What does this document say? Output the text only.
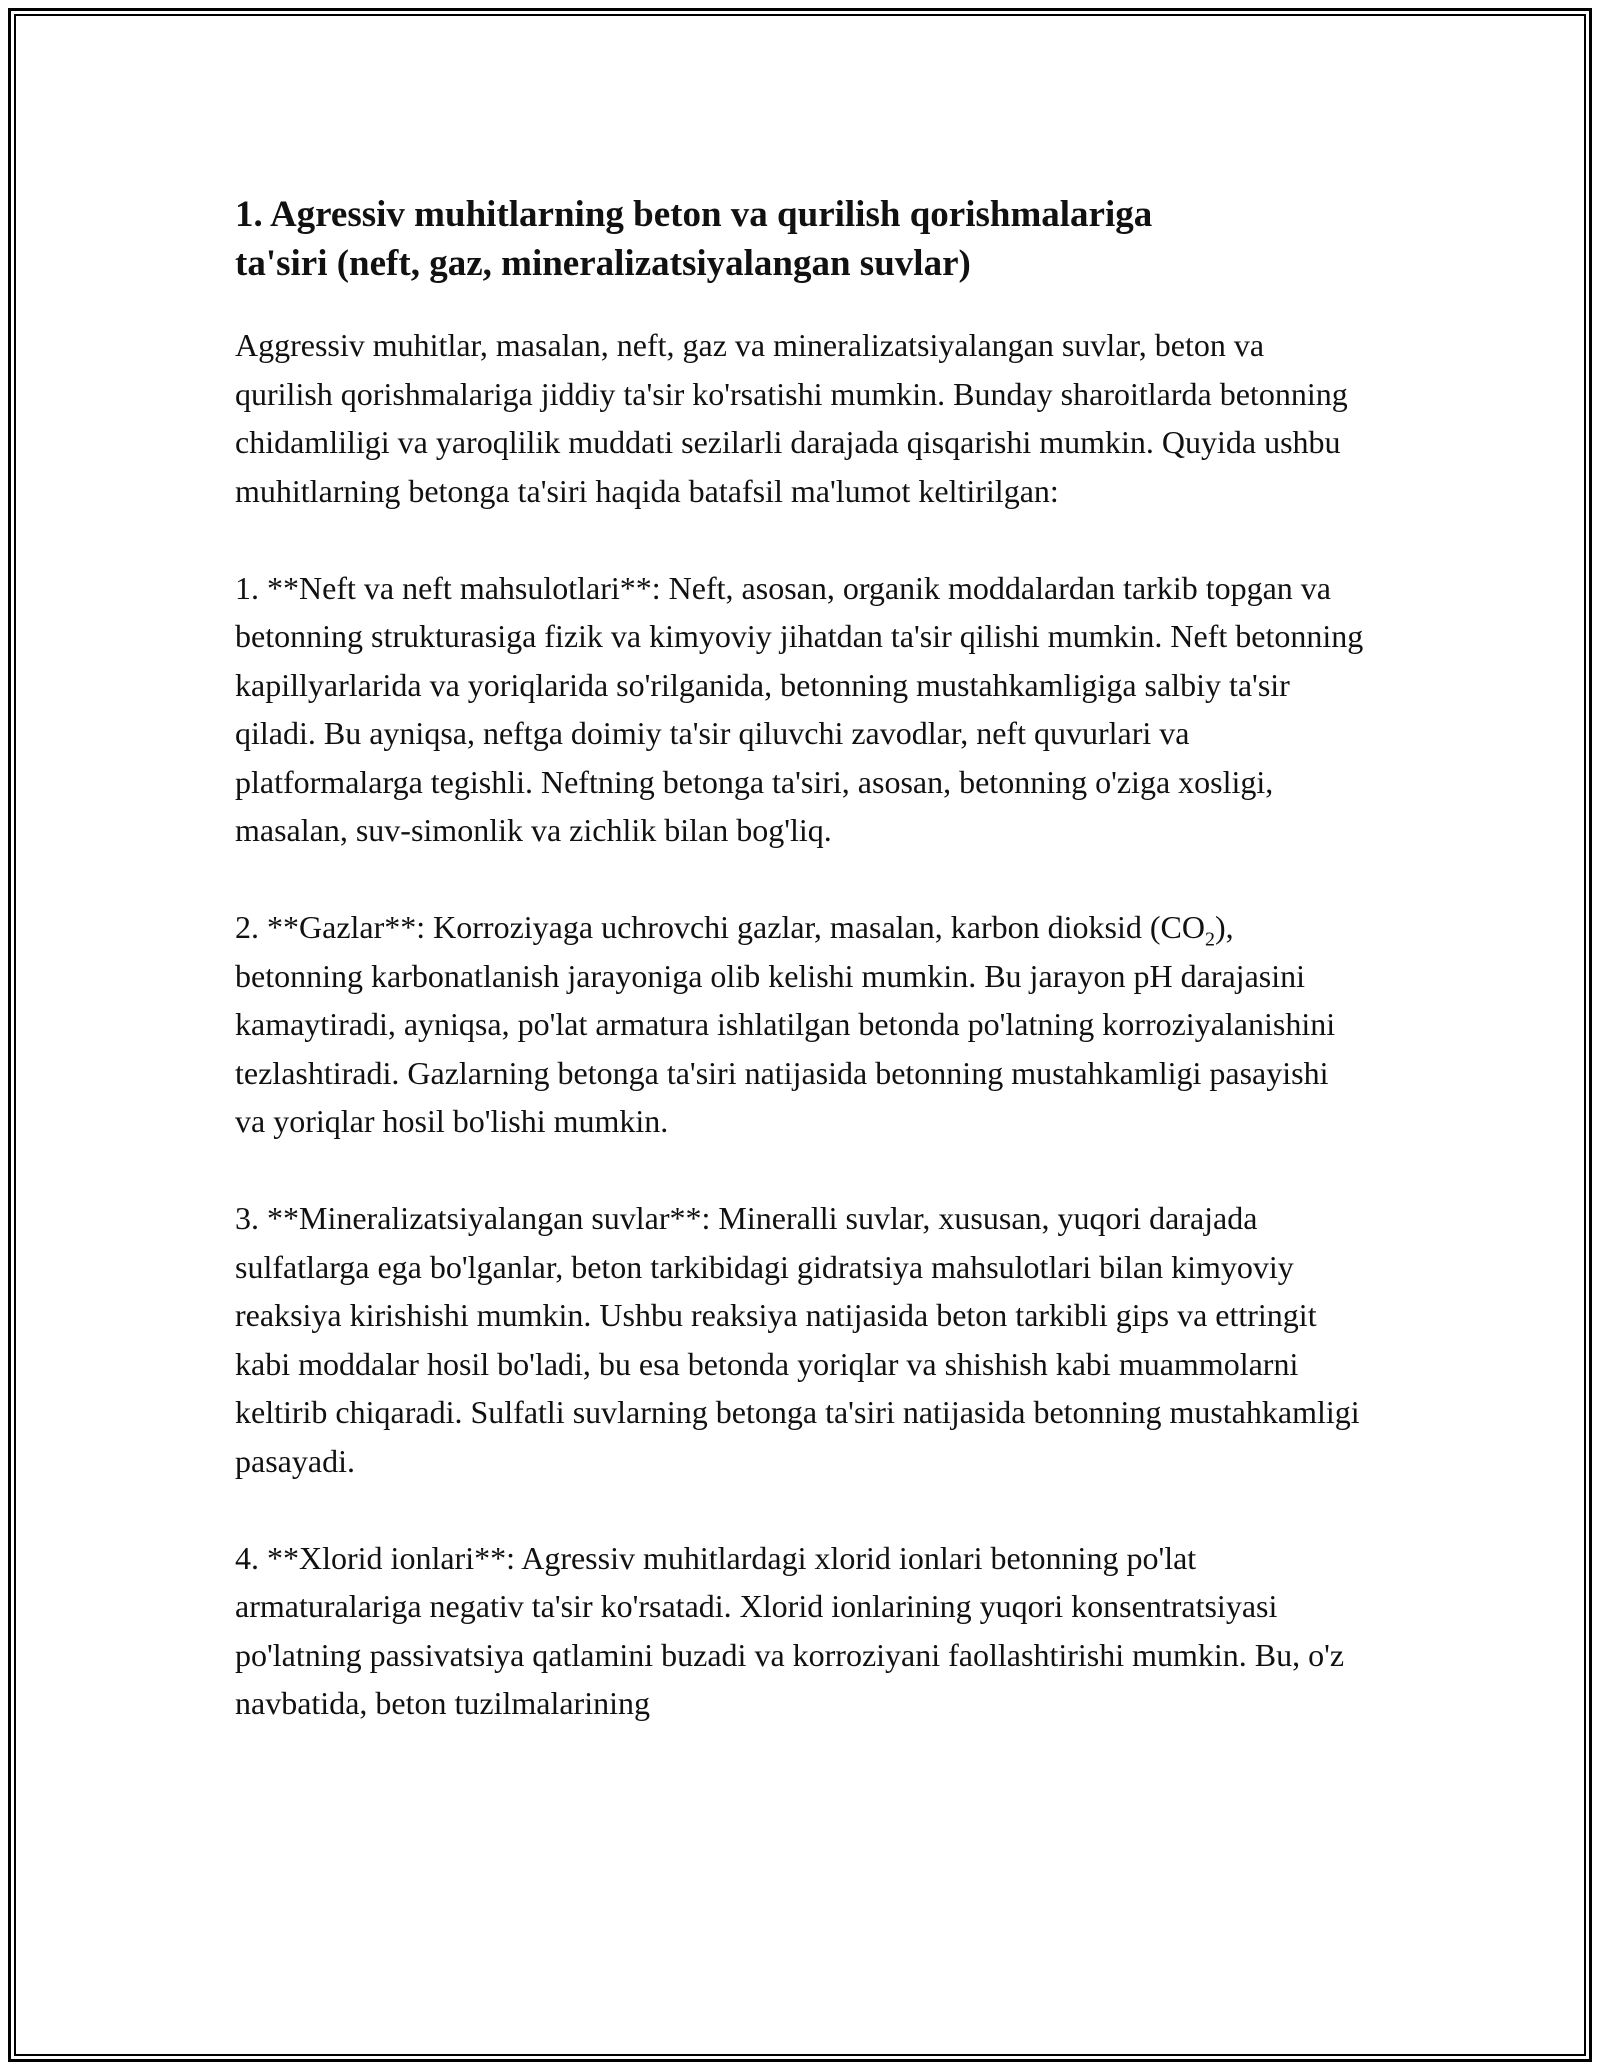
1. Agressiv muhitlarning beton va qurilish qorishmalariga
ta'siri (neft, gaz, mineralizatsiyalangan suvlar)

Aggressiv muhitlar, masalan, neft, gaz va mineralizatsiyalangan suvlar, beton va qurilish qorishmalariga jiddiy ta'sir ko'rsatishi mumkin. Bunday sharoitlarda betonning chidamliligi va yaroqlilik muddati sezilarli darajada qisqarishi mumkin. Quyida ushbu muhitlarning betonga ta'siri haqida batafsil ma'lumot keltirilgan:

1. **Neft va neft mahsulotlari**: Neft, asosan, organik moddalardan tarkib topgan va betonning strukturasiga fizik va kimyoviy jihatdan ta'sir qilishi mumkin. Neft betonning kapillyarlarida va yoriqlarida so'rilganida, betonning mustahkamligiga salbiy ta'sir qiladi. Bu ayniqsa, neftga doimiy ta'sir qiluvchi zavodlar, neft quvurlari va platformalarga tegishli. Neftning betonga ta'siri, asosan, betonning o'ziga xosligi, masalan, suv-simonlik va zichlik bilan bog'liq.

2. **Gazlar**: Korroziyaga uchrovchi gazlar, masalan, karbon dioksid $(CO_2)$, betonning karbonatlanish jarayoniga olib kelishi mumkin. Bu jarayon pH darajasini kamaytiradi, ayniqsa, po'lat armatura ishlatilgan betonda po'latning korroziyalanishini tezlashtiradi. Gazlarning betonga ta'siri natijasida betonning mustahkamligi pasayishi va yoriqlar hosil bo'lishi mumkin.

3. **Mineralizatsiyalangan suvlar**: Mineralli suvlar, xususan, yuqori darajada sulfatlarga ega bo'lganlar, beton tarkibidagi gidratsiya mahsulotlari bilan kimyoviy reaksiya kirishishi mumkin. Ushbu reaksiya natijasida beton tarkibli gips va ettringit kabi moddalar hosil bo'ladi, bu esa betonda yoriqlar va shishish kabi muammolarni keltirib chiqaradi. Sulfatli suvlarning betonga ta'siri natijasida betonning mustahkamligi pasayadi.

4. **Xlorid ionlari**: Agressiv muhitlardagi xlorid ionlari betonning po'lat armaturalariga negativ ta'sir ko'rsatadi. Xlorid ionlarining yuqori konsentratsiyasi po'latning passivatsiya qatlamini buzadi va korroziyani faollashtirishi mumkin. Bu, o'z navbatida, beton tuzilmalarining
